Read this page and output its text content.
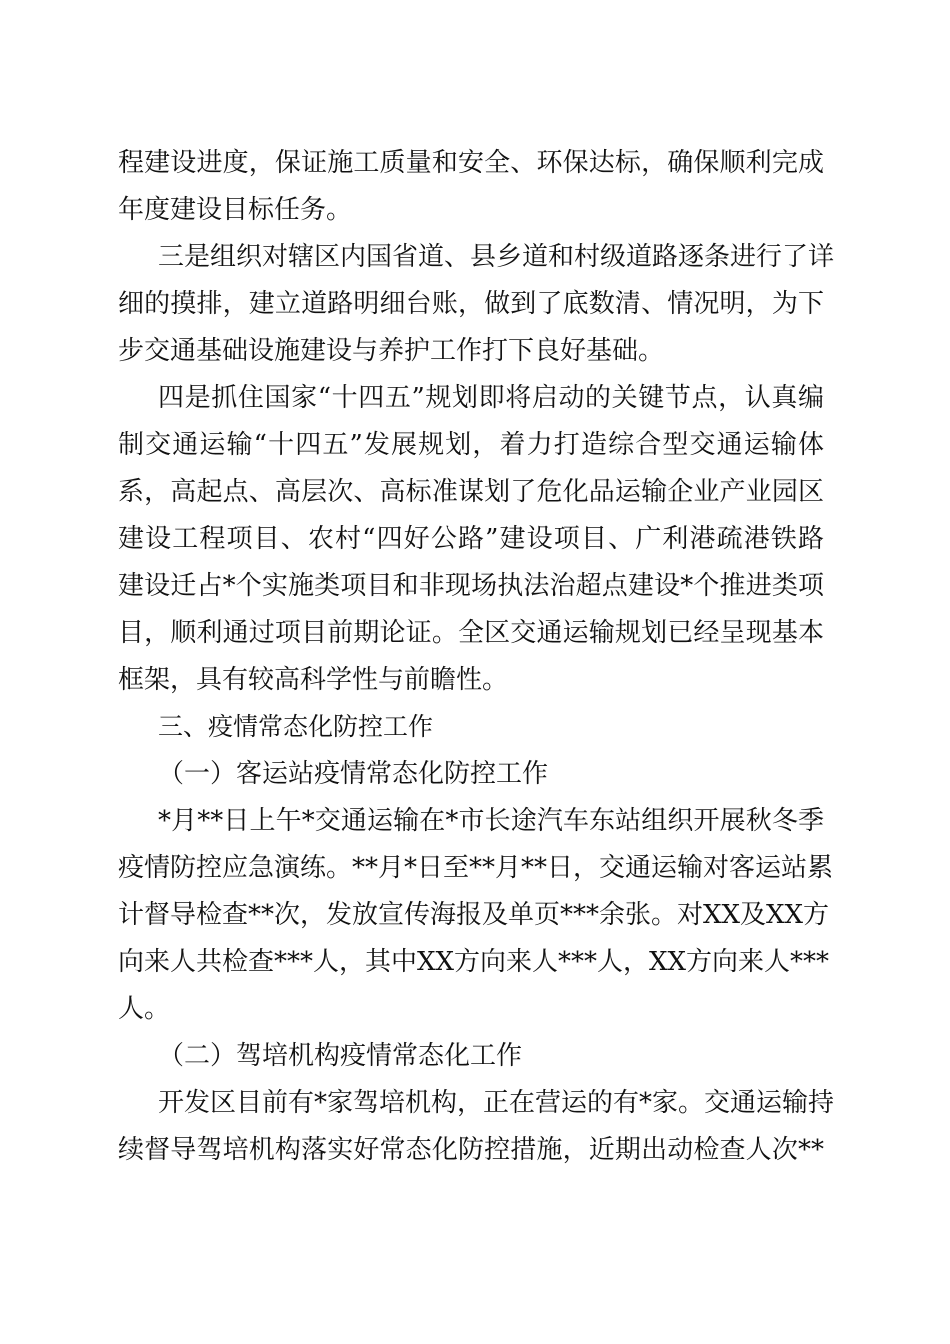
程建设进度，保证施工质量和安全、环保达标，确保顺利完成
年度建设目标任务。
三是组织对辖区内国省道、县乡道和村级道路逐条进行了详
细的摸排，建立道路明细台账，做到了底数清、情况明，为下
步交通基础设施建设与养护工作打下良好基础。
四是抓住国家“十四五”规划即将启动的关键节点，认真编
制交通运输“十四五”发展规划，着力打造综合型交通运输体
系，高起点、高层次、高标准谋划了危化品运输企业产业园区
建设工程项目、农村“四好公路”建设项目、广利港疏港铁路
建设迁占*个实施类项目和非现场执法治超点建设*个推进类项
目，顺利通过项目前期论证。全区交通运输规划已经呈现基本
框架，具有较高科学性与前瞻性。
三、疫情常态化防控工作
（一）客运站疫情常态化防控工作
*月**日上午*交通运输在*市长途汽车东站组织开展秋冬季
疫情防控应急演练。**月*日至**月**日，交通运输对客运站累
计督导检查**次，发放宣传海报及单页***余张。对XX及XX方
向来人共检查***人，其中XX方向来人***人，XX方向来人***
人。
（二）驾培机构疫情常态化工作
开发区目前有*家驾培机构，正在营运的有*家。交通运输持
续督导驾培机构落实好常态化防控措施，近期出动检查人次**
